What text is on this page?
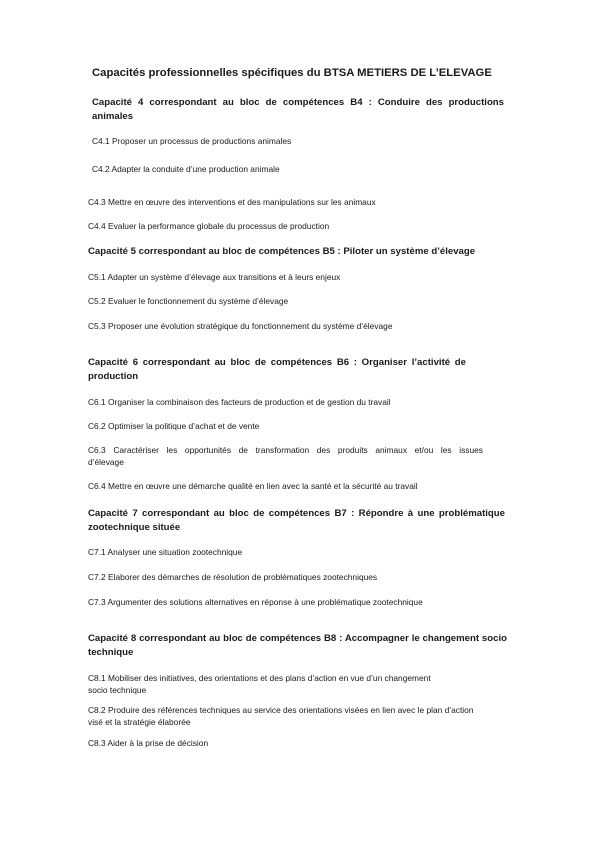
Capacités professionnelles spécifiques du BTSA METIERS DE L’ELEVAGE

Capacité 4 correspondant au bloc de compétences B4 : Conduire des productions

animales

C4.1 Proposer un processus de productions animales

C4.2 Adapter la conduite d’une production animale

C4.3 Mettre en œuvre des interventions et des manipulations sur les animaux

C4.4 Evaluer la performance globale du processus de production

Capacité 5 correspondant au bloc de compétences B5 : Piloter un système d’élevage

C5.1 Adapter un système d’élevage aux transitions et à leurs enjeux

C5.2 Evaluer le fonctionnement du système d’élevage

C5.3 Proposer une évolution stratégique du fonctionnement du système d’élevage

Capacité 6 correspondant au bloc de compétences B6 : Organiser l’activité de

production

C6.1 Organiser la combinaison des facteurs de production et de gestion du travail

C6.2 Optimiser la politique d’achat et de vente

C6.3 Caractériser les opportunités de transformation des produits animaux et/ou les issues

d’élevage

C6.4 Mettre en œuvre une démarche qualité en lien avec la santé et la sécurité au travail

Capacité 7 correspondant au bloc de compétences B7 : Répondre à une problématique

zootechnique située

C7.1 Analyser une situation zootechnique

C7.2 Elaborer des démarches de résolution de problématiques zootechniques

C7.3 Argumenter des solutions alternatives en réponse à une problématique zootechnique

Capacité 8 correspondant au bloc de compétences B8 : Accompagner le changement socio

technique

C8.1 Mobiliser des initiatives, des orientations et des plans d’action en vue d’un changement

socio technique

C8.2 Produire des références techniques au service des orientations visées en lien avec le plan d’action

visé et la stratégie élaborée

C8.3 Aider à la prise de décision
